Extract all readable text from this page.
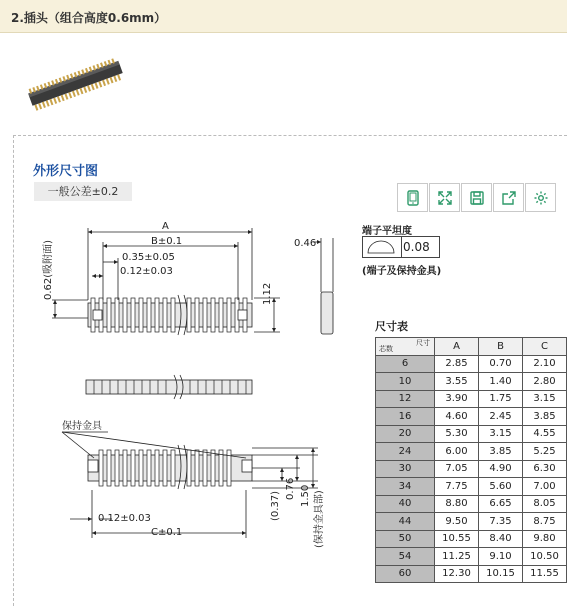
2.插头（组合高度0.6mm）
外形尺寸图
一般公差±0.2
A
B±0.1
0.35±0.05
0.12±0.03
0.62(吸附面)	1.12
0.46
保持金具
(0.37)
0.76 1.50 (保持金具部)
0.12±0.03
C±0.1
端子平坦度
0.08
(端子及保持金具)
尺寸表
尺寸
芯数	A	B	C
6	2.85	0.70	2.10
10	3.55	1.40	2.80
12	3.90	1.75	3.15
16	4.60	2.45	3.85
20	5.30	3.15	4.55
24	6.00	3.85	5.25
30	7.05	4.90	6.30
34	7.75	5.60	7.00
40	8.80	6.65	8.05
44	9.50	7.35	8.75
50	10.55	8.40	9.80
54	11.25	9.10	10.50
60	12.30	10.15	11.55
